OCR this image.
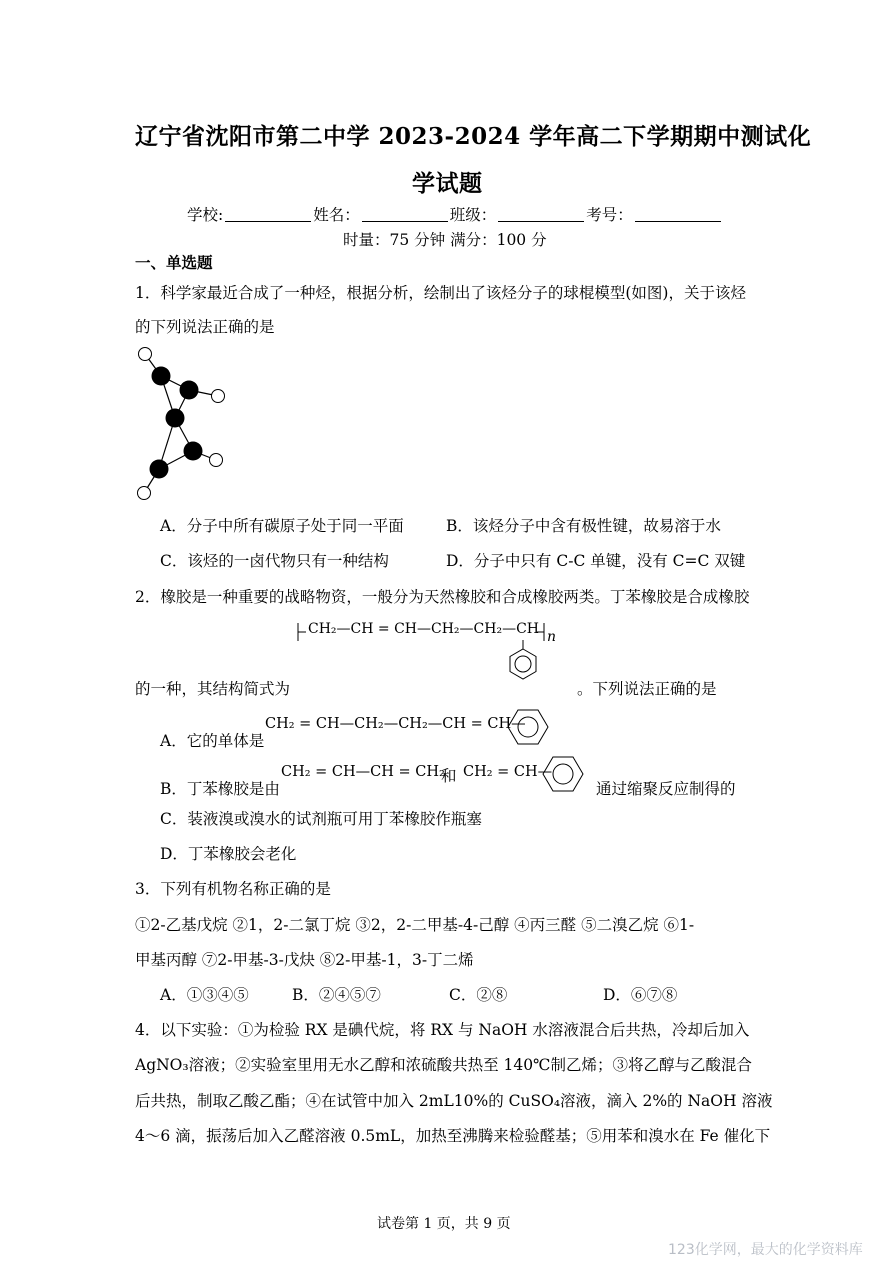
辽宁省沈阳市第二中学 2023-2024 学年高二下学期期中测试化
学试题
学校:	姓名：	班级：	考号：
时量：75 分钟 满分：100 分
一、单选题
1．科学家最近合成了一种烃，根据分析，绘制出了该烃分子的球棍模型(如图)，关于该烃
的下列说法正确的是
A．分子中所有碳原子处于同一平面	B．该烃分子中含有极性键，故易溶于水
C．该烃的一卤代物只有一种结构	D．分子中只有 C-C 单键，没有 C=C 双键
2．橡胶是一种重要的战略物资，一般分为天然橡胶和合成橡胶两类。丁苯橡胶是合成橡胶
CH₂—CH = CH—CH₂—CH₂—CH n
的一种，其结构简式为	。下列说法正确的是
A．它的单体是
CH₂ = CH—CH₂—CH₂—CH = CH—
B．丁苯橡胶是由
CH₂ = CH—CH = CH₂
和 CH₂ = CH—
通过缩聚反应制得的
C．装液溴或溴水的试剂瓶可用丁苯橡胶作瓶塞
D．丁苯橡胶会老化
3．下列有机物名称正确的是
①2-乙基戊烷 ②1，2-二氯丁烷 ③2，2-二甲基-4-己醇 ④丙三醛 ⑤二溴乙烷 ⑥1-
甲基丙醇 ⑦2-甲基-3-戊炔 ⑧2-甲基-1，3-丁二烯
A．①③④⑤	B．②④⑤⑦	C．②⑧	D．⑥⑦⑧
4．以下实验：①为检验 RX 是碘代烷，将 RX 与 NaOH 水溶液混合后共热，冷却后加入
AgNO₃溶液；②实验室里用无水乙醇和浓硫酸共热至 140℃制乙烯；③将乙醇与乙酸混合
后共热，制取乙酸乙酯；④在试管中加入 2mL10%的 CuSO₄溶液，滴入 2%的 NaOH 溶液
4～6 滴，振荡后加入乙醛溶液 0.5mL，加热至沸腾来检验醛基；⑤用苯和溴水在 Fe 催化下
试卷第 1 页，共 9 页
123化学网，最大的化学资料库
